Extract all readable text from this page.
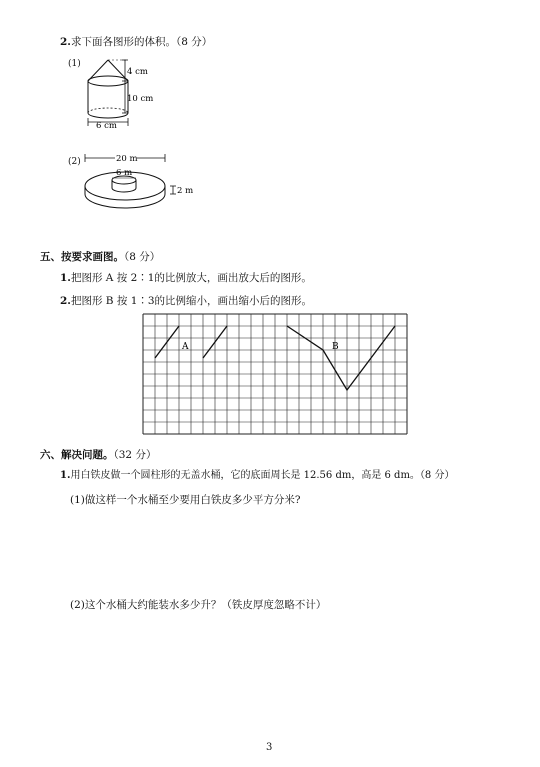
2.求下面各图形的体积。（8 分）
(1)
4 cm
10 cm
6 cm
(2)	20 m
6 m
2 m
五、按要求画图。（8 分）
1.把图形 A 按 2∶1的比例放大，画出放大后的图形。
2.把图形 B 按 1∶3的比例缩小，画出缩小后的图形。
A	B
六、解决问题。（32 分）
1.用白铁皮做一个圆柱形的无盖水桶，它的底面周长是 12.56 dm，高是 6 dm。（8 分）
(1)做这样一个水桶至少要用白铁皮多少平方分米?
(2)这个水桶大约能装水多少升？（铁皮厚度忽略不计）
3
